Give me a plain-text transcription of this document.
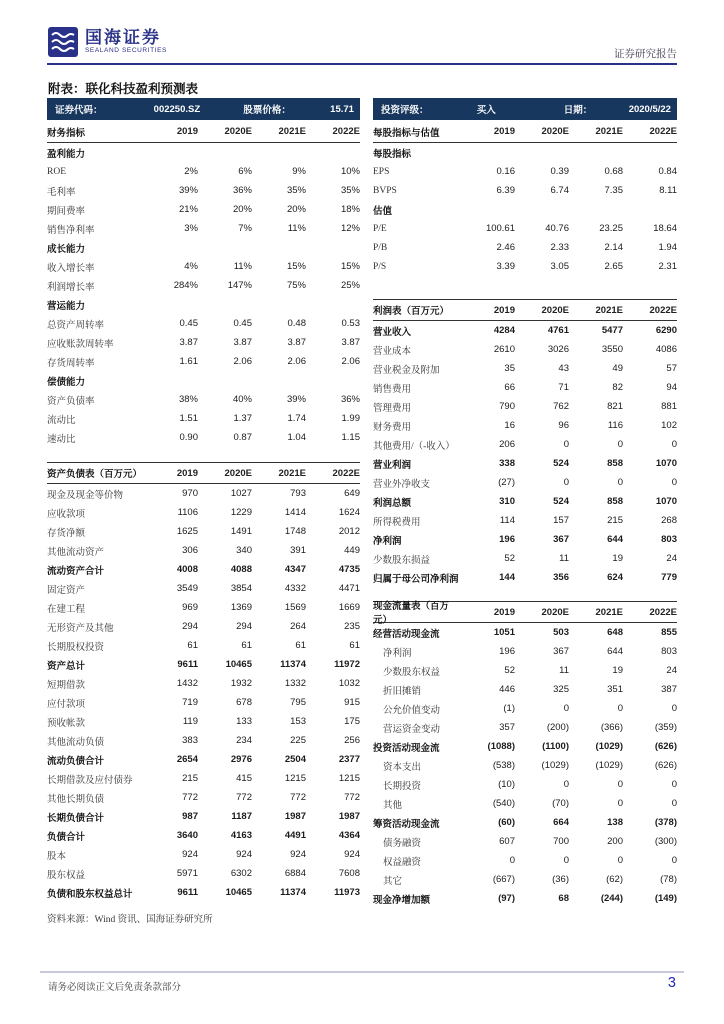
国海证券
SEALAND SECURITIES	证券研究报告
附表：联化科技盈利预测表
证券代码：	002250.SZ	股票价格：	15.71
财务指标	2019	2020E	2021E	2022E
盈利能力
ROE	2%	6%	9%	10%
毛利率	39%	36%	35%	35%
期间费率	21%	20%	20%	18%
销售净利率	3%	7%	11%	12%
成长能力
收入增长率	4%	11%	15%	15%
利润增长率	284%	147%	75%	25%
营运能力
总资产周转率	0.45	0.45	0.48	0.53
应收账款周转率	3.87	3.87	3.87	3.87
存货周转率	1.61	2.06	2.06	2.06
偿债能力
资产负债率	38%	40%	39%	36%
流动比	1.51	1.37	1.74	1.99
速动比	0.90	0.87	1.04	1.15
资产负债表（百万元）	2019	2020E	2021E	2022E
现金及现金等价物	970	1027	793	649
应收款项	1106	1229	1414	1624
存货净额	1625	1491	1748	2012
其他流动资产	306	340	391	449
流动资产合计	4008	4088	4347	4735
固定资产	3549	3854	4332	4471
在建工程	969	1369	1569	1669
无形资产及其他	294	294	264	235
长期股权投资	61	61	61	61
资产总计	9611	10465	11374	11972
短期借款	1432	1932	1332	1032
应付款项	719	678	795	915
预收帐款	119	133	153	175
其他流动负债	383	234	225	256
流动负债合计	2654	2976	2504	2377
长期借款及应付债券	215	415	1215	1215
其他长期负债	772	772	772	772
长期负债合计	987	1187	1987	1987
负债合计	3640	4163	4491	4364
股本	924	924	924	924
股东权益	5971	6302	6884	7608
负债和股东权益总计	9611	10465	11374	11973
资料来源：Wind 资讯、国海证券研究所
投资评级：	买入	日期：	2020/5/22
每股指标与估值	2019	2020E	2021E	2022E
每股指标
EPS	0.16	0.39	0.68	0.84
BVPS	6.39	6.74	7.35	8.11
估值
P/E	100.61	40.76	23.25	18.64
P/B	2.46	2.33	2.14	1.94
P/S	3.39	3.05	2.65	2.31
利润表（百万元）	2019	2020E	2021E	2022E
营业收入	4284	4761	5477	6290
营业成本	2610	3026	3550	4086
营业税金及附加	35	43	49	57
销售费用	66	71	82	94
管理费用	790	762	821	881
财务费用	16	96	116	102
其他费用/（-收入）	206	0	0	0
营业利润	338	524	858	1070
营业外净收支	(27)	0	0	0
利润总额	310	524	858	1070
所得税费用	114	157	215	268
净利润	196	367	644	803
少数股东损益	52	11	19	24
归属于母公司净利润	144	356	624	779
现金流量表（百万元）
2019	2020E	2021E	2022E
经营活动现金流	1051	503	648	855
净利润	196	367	644	803
少数股东权益	52	11	19	24
折旧摊销	446	325	351	387
公允价值变动	(1)	0	0	0
营运资金变动	357	(200)	(366)	(359)
投资活动现金流	(1088)	(1100)	(1029)	(626)
资本支出	(538)	(1029)	(1029)	(626)
长期投资	(10)	0	0	0
其他	(540)	(70)	0	0
筹资活动现金流	(60)	664	138	(378)
债务融资	607	700	200	(300)
权益融资	0	0	0	0
其它	(667)	(36)	(62)	(78)
现金净增加额	(97)	68	(244)	(149)
请务必阅读正文后免责条款部分	3
